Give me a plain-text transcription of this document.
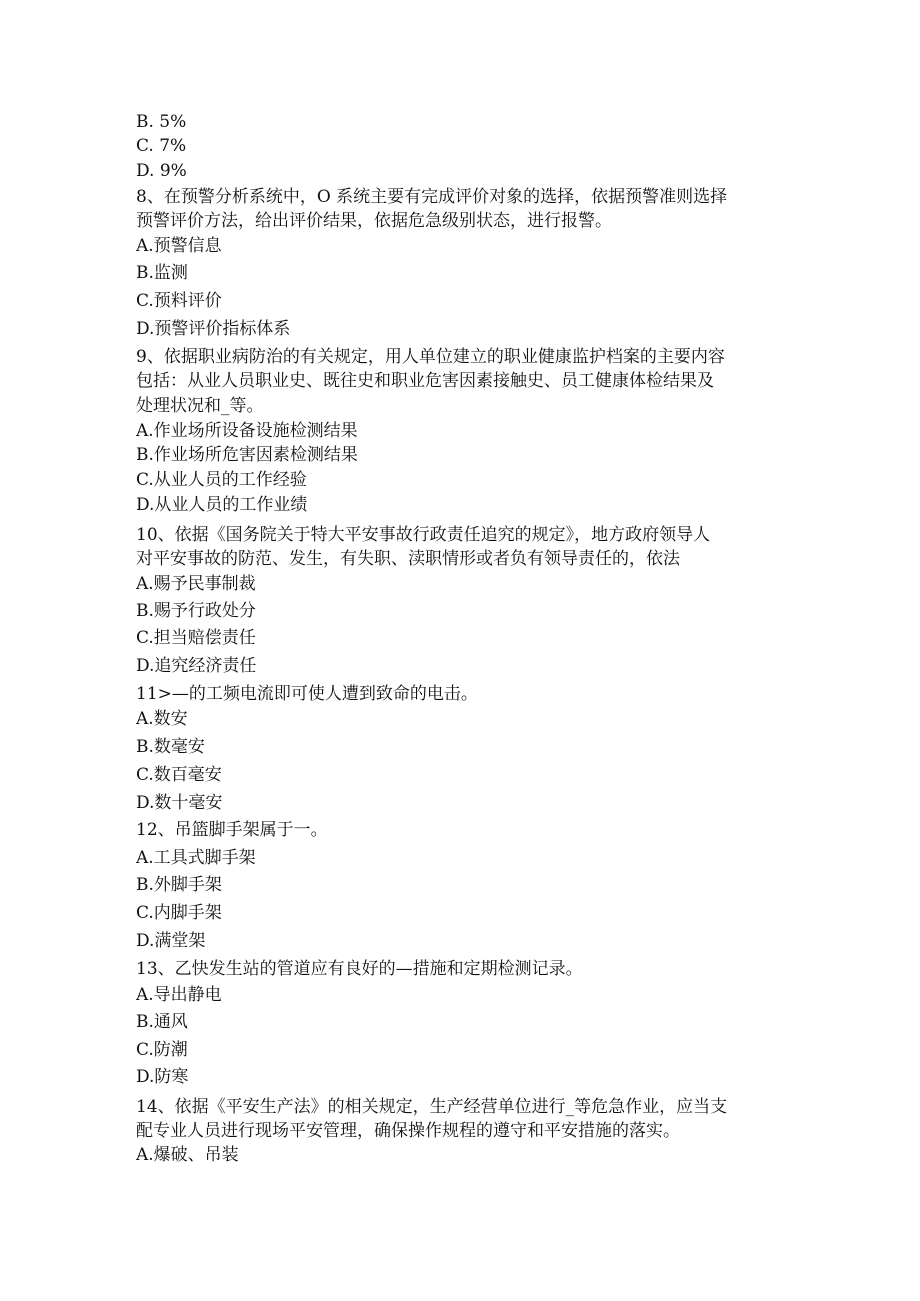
B. 5%
C. 7%
D. 9%
8、在预警分析系统中，O 系统主要有完成评价对象的选择，依据预警准则选择
预警评价方法，给出评价结果，依据危急级别状态，进行报警。
A.预警信息
B.监测
C.预料评价
D.预警评价指标体系
9、依据职业病防治的有关规定，用人单位建立的职业健康监护档案的主要内容
包括：从业人员职业史、既往史和职业危害因素接触史、员工健康体检结果及
处理状况和_等。
A.作业场所设备设施检测结果
B.作业场所危害因素检测结果
C.从业人员的工作经验
D.从业人员的工作业绩
10、依据《国务院关于特大平安事故行政责任追究的规定》，地方政府领导人
对平安事故的防范、发生，有失职、渎职情形或者负有领导责任的，依法
A.赐予民事制裁
B.赐予行政处分
C.担当赔偿责任
D.追究经济责任
11>—的工频电流即可使人遭到致命的电击。
A.数安
B.数毫安
C.数百毫安
D.数十毫安
12、吊篮脚手架属于一。
A.工具式脚手架
B.外脚手架
C.内脚手架
D.满堂架
13、乙快发生站的管道应有良好的—措施和定期检测记录。
A.导出静电
B.通风
C.防潮
D.防寒
14、依据《平安生产法》的相关规定，生产经营单位进行_等危急作业，应当支
配专业人员进行现场平安管理，确保操作规程的遵守和平安措施的落实。
A.爆破、吊装
